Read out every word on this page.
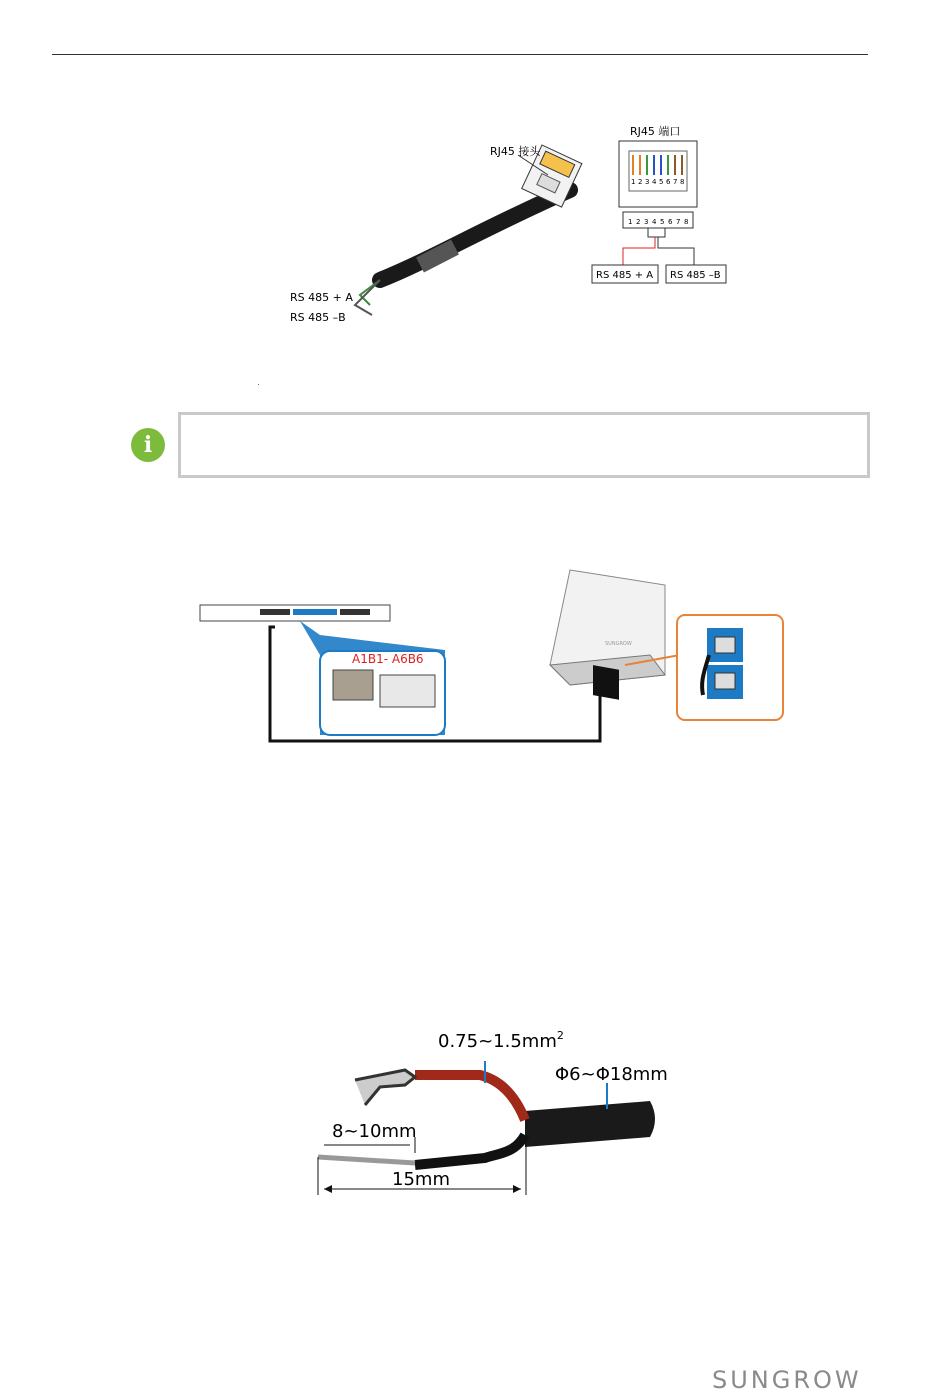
RJ45 接头
RS 485 + A
RS 485 –B
RJ45 端口
1 2 3 4 5 6 7 8
1 2 3 4 5 6 7 8
RS 485 + A RS 485 –B
i
A1B1- A6B6
SUNGROW
$0.75\sim 1.5mm^2$
Φ6~Φ18mm
8~10mm
15mm
SUNGROW
